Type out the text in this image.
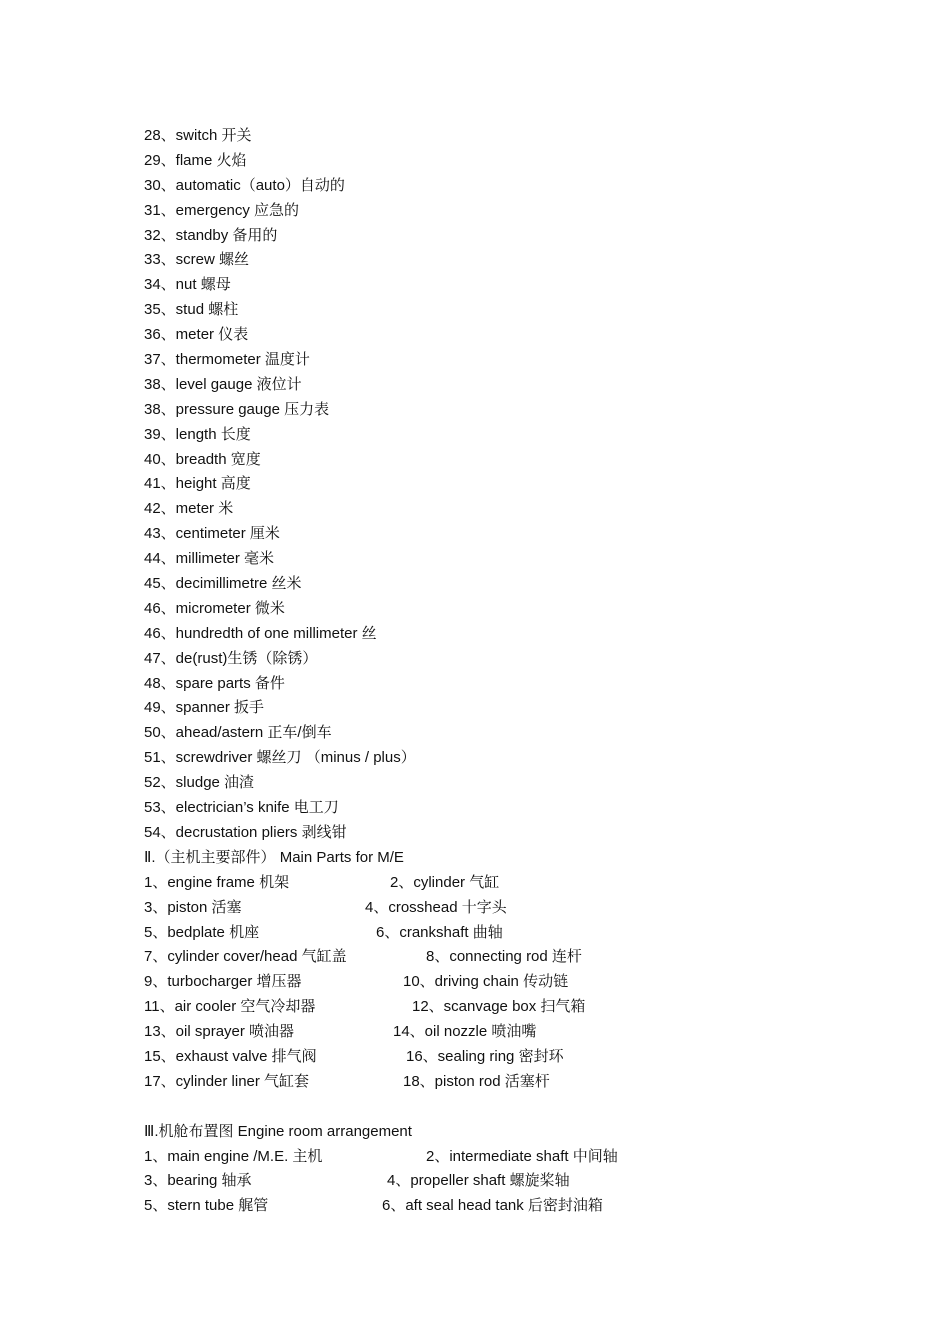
28、switch 开关
29、flame 火焰
30、automatic（auto）自动的
31、emergency 应急的
32、standby 备用的
33、screw 螺丝
34、nut 螺母
35、stud 螺柱
36、meter 仪表
37、thermometer 温度计
38、level gauge 液位计
38、pressure gauge 压力表
39、length 长度
40、breadth 宽度
41、height 高度
42、meter 米
43、centimeter 厘米
44、millimeter 毫米
45、decimillimetre 丝米
46、micrometer 微米
46、hundredth of one millimeter 丝
47、de(rust)生锈（除锈）
48、spare parts 备件
49、spanner 扳手
50、ahead/astern 正车/倒车
51、screwdriver 螺丝刀 （minus / plus）
52、sludge 油渣
53、electrician’s knife 电工刀
54、decrustation pliers 剥线钳
Ⅱ.（主机主要部件） Main Parts for M/E
1、engine frame 机架	2、cylinder 气缸
3、piston 活塞	4、crosshead 十字头
5、bedplate 机座	6、crankshaft 曲轴
7、cylinder cover/head 气缸盖	8、connecting rod 连杆
9、turbocharger 增压器	10、driving chain 传动链
11、air cooler 空气冷却器	12、scanvage box 扫气箱
13、oil sprayer 喷油器	14、oil nozzle 喷油嘴
15、exhaust valve 排气阀	16、sealing ring 密封环
17、cylinder liner 气缸套	18、piston rod 活塞杆
Ⅲ.机舱布置图 Engine room arrangement
1、main engine /M.E. 主机	2、intermediate shaft 中间轴
3、bearing 轴承	4、propeller shaft 螺旋桨轴
5、stern tube 艉管	6、aft seal head tank 后密封油箱
